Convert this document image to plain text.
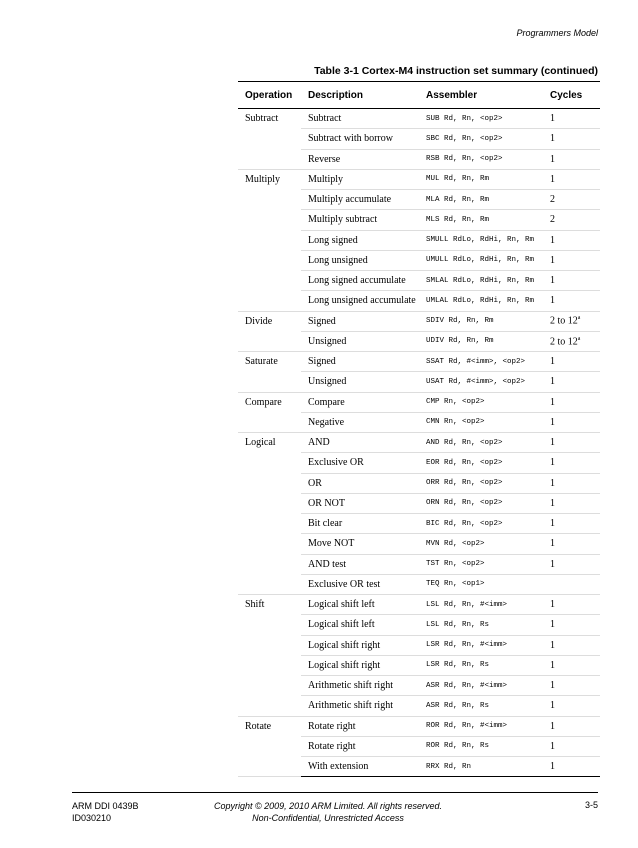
Programmers Model
Table 3-1 Cortex-M4 instruction set summary (continued)
Operation	Description	Assembler	Cycles
Subtract	Subtract	SUB Rd, Rn, <op2>	1
	Subtract with borrow	SBC Rd, Rn, <op2>	1
	Reverse	RSB Rd, Rn, <op2>	1
Multiply	Multiply	MUL Rd, Rn, Rm	1
	Multiply accumulate	MLA Rd, Rn, Rm	2
	Multiply subtract	MLS Rd, Rn, Rm	2
	Long signed	SMULL RdLo, RdHi, Rn, Rm	1
	Long unsigned	UMULL RdLo, RdHi, Rn, Rm	1
	Long signed accumulate	SMLAL RdLo, RdHi, Rn, Rm	1
	Long unsigned accumulate	UMLAL RdLo, RdHi, Rn, Rm	1
Divide	Signed	SDIV Rd, Rn, Rm	2 to 12$^a$
	Unsigned	UDIV Rd, Rn, Rm	2 to 12$^a$
Saturate	Signed	SSAT Rd, #<imm>, <op2>	1
	Unsigned	USAT Rd, #<imm>, <op2>	1
Compare	Compare	CMP Rn, <op2>	1
	Negative	CMN Rn, <op2>	1
Logical	AND	AND Rd, Rn, <op2>	1
	Exclusive OR	EOR Rd, Rn, <op2>	1
	OR	ORR Rd, Rn, <op2>	1
	OR NOT	ORN Rd, Rn, <op2>	1
	Bit clear	BIC Rd, Rn, <op2>	1
	Move NOT	MVN Rd, <op2>	1
	AND test	TST Rn, <op2>	1
	Exclusive OR test	TEQ Rn, <op1>	
Shift	Logical shift left	LSL Rd, Rn, #<imm>	1
	Logical shift left	LSL Rd, Rn, Rs	1
	Logical shift right	LSR Rd, Rn, #<imm>	1
	Logical shift right	LSR Rd, Rn, Rs	1
	Arithmetic shift right	ASR Rd, Rn, #<imm>	1
	Arithmetic shift right	ASR Rd, Rn, Rs	1
Rotate	Rotate right	ROR Rd, Rn, #<imm>	1
	Rotate right	ROR Rd, Rn, Rs	1
	With extension	RRX Rd, Rn	1
ARM DDI 0439B
ID030210
Copyright © 2009, 2010 ARM Limited. All rights reserved.
Non-Confidential, Unrestricted Access
3-5
